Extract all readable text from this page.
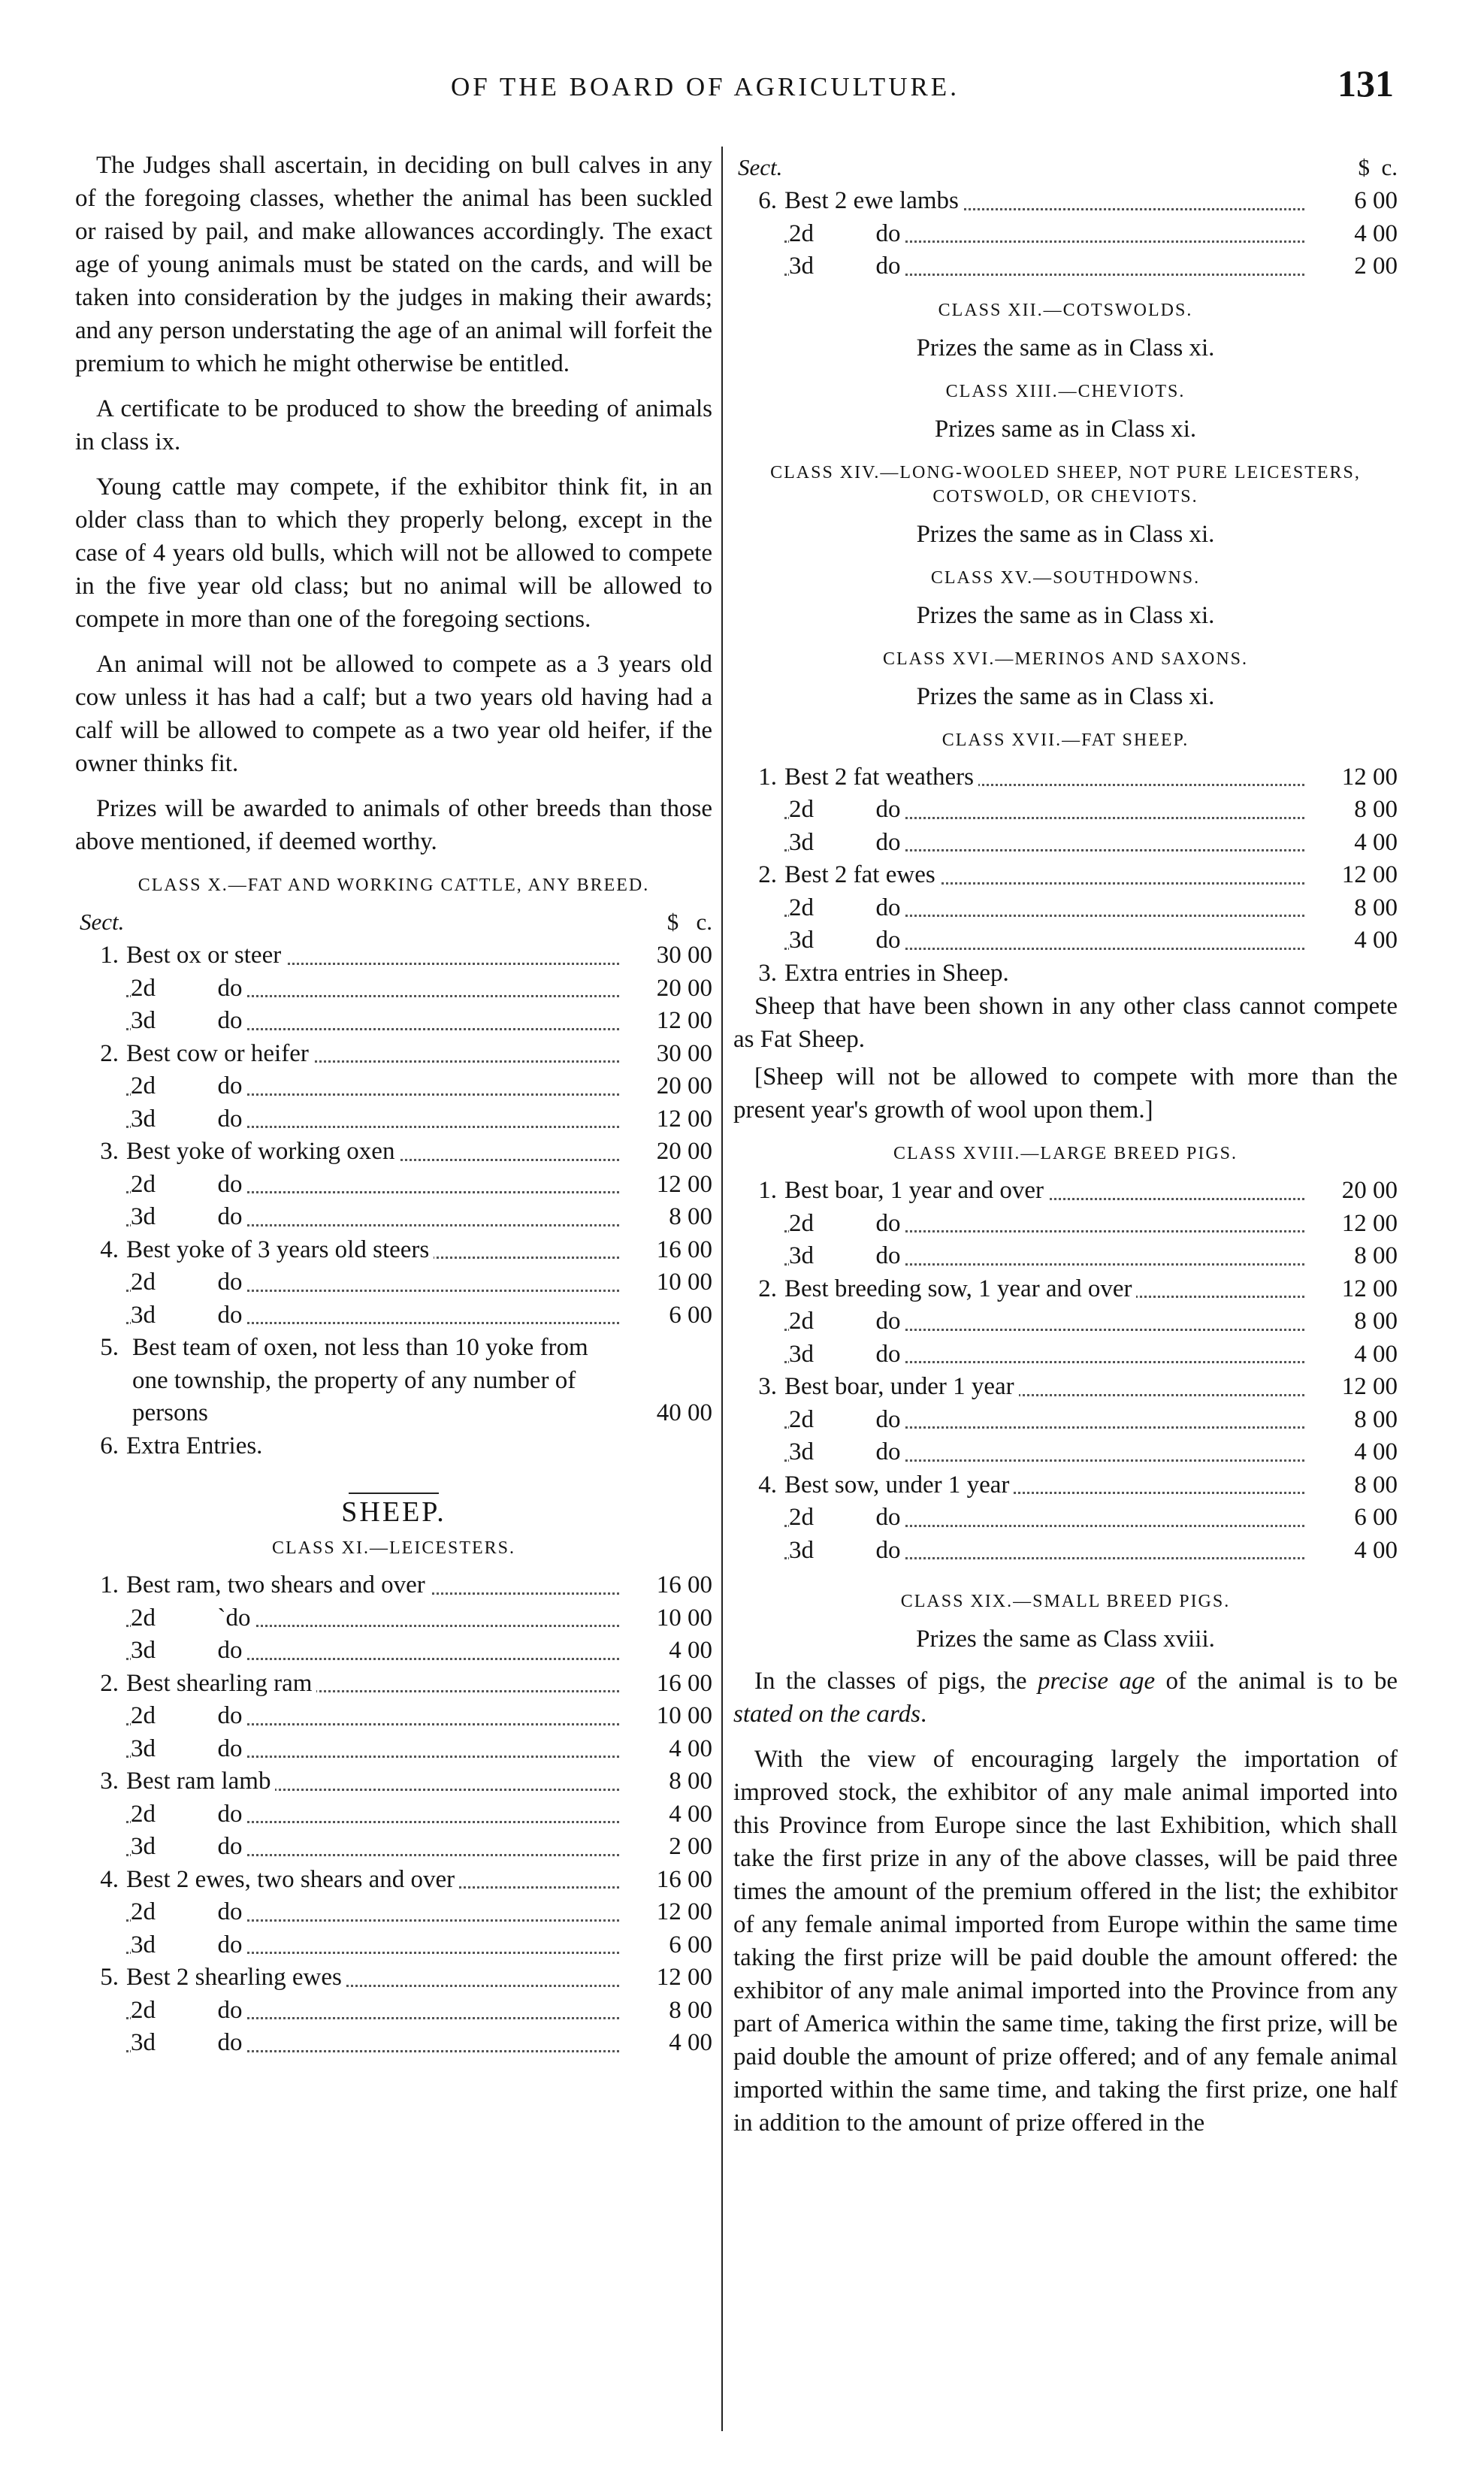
OF THE BOARD OF AGRICULTURE.	131

The Judges shall ascertain, in deciding on bull calves in any of the foregoing classes, whether the animal has been suckled or raised by pail, and make allowances accordingly. The exact age of young animals must be stated on the cards, and will be taken into consideration by the judges in making their awards; and any person understating the age of an animal will forfeit the premium to which he might otherwise be entitled.

A certificate to be produced to show the breeding of animals in class ix.

Young cattle may compete, if the exhibitor think fit, in an older class than to which they properly belong, except in the case of 4 years old bulls, which will not be allowed to compete in the five year old class; but no animal will be allowed to compete in more than one of the foregoing sections.

An animal will not be allowed to compete as a 3 years old cow unless it has had a calf; but a two years old having had a calf will be allowed to compete as a two year old heifer, if the owner thinks fit.

Prizes will be awarded to animals of other breeds than those above mentioned, if deemed worthy.

CLASS X.—FAT AND WORKING CATTLE, ANY BREED.
Sect.	$ c.
1. Best ox or steer	30 00
2d          do	20 00
3d          do	12 00
2. Best cow or heifer	30 00
2d          do	20 00
3d          do	12 00
3. Best yoke of working oxen	20 00
2d          do	12 00
3d          do	8 00
4. Best yoke of 3 years old steers	16 00
2d          do	10 00
3d          do	6 00
5. Best team of oxen, not less than 10 yoke from one township, the property of any number of persons	40 00
6. Extra Entries.
SHEEP.
CLASS XI.—LEICESTERS.
1. Best ram, two shears and over	16 00
2d          `do	10 00
3d          do	4 00
2. Best shearling ram	16 00
2d          do	10 00
3d          do	4 00
3. Best ram lamb	8 00
2d          do	4 00
3d          do	2 00
4. Best 2 ewes, two shears and over	16 00
2d          do	12 00
3d          do	6 00
5. Best 2 shearling ewes	12 00
2d          do	8 00
3d          do	4 00
Sect.	$ c.
6. Best 2 ewe lambs	6 00
2d          do	4 00
3d          do	2 00
CLASS XII.—COTSWOLDS.
Prizes the same as in Class xi.
CLASS XIII.—CHEVIOTS.
Prizes same as in Class xi.
CLASS XIV.—LONG-WOOLED SHEEP, NOT PURE LEICESTERS, COTSWOLD, OR CHEVIOTS.
Prizes the same as in Class xi.
CLASS XV.—SOUTHDOWNS.
Prizes the same as in Class xi.
CLASS XVI.—MERINOS AND SAXONS.
Prizes the same as in Class xi.
CLASS XVII.—FAT SHEEP.
1. Best 2 fat weathers	12 00
2d          do	8 00
3d          do	4 00
2. Best 2 fat ewes	12 00
2d          do	8 00
3d          do	4 00
3. Extra entries in Sheep.

Sheep that have been shown in any other class cannot compete as Fat Sheep.

[Sheep will not be allowed to compete with more than the present year's growth of wool upon them.]

CLASS XVIII.—LARGE BREED PIGS.
1. Best boar, 1 year and over	20 00
2d          do	12 00
3d          do	8 00
2. Best breeding sow, 1 year and over	12 00
2d          do	8 00
3d          do	4 00
3. Best boar, under 1 year	12 00
2d          do	8 00
3d          do	4 00
4. Best sow, under 1 year	8 00
2d          do	6 00
3d          do	4 00
CLASS XIX.—SMALL BREED PIGS.
Prizes the same as Class xviii.

In the classes of pigs, the precise age of the animal is to be stated on the cards.

With the view of encouraging largely the importation of improved stock, the exhibitor of any male animal imported into this Province from Europe since the last Exhibition, which shall take the first prize in any of the above classes, will be paid three times the amount of the premium offered in the list; the exhibitor of any female animal imported from Europe within the same time taking the first prize will be paid double the amount offered: the exhibitor of any male animal imported into the Province from any part of America within the same time, taking the first prize, will be paid double the amount of prize offered; and of any female animal imported within the same time, and taking the first prize, one half in addition to the amount of prize offered in the
